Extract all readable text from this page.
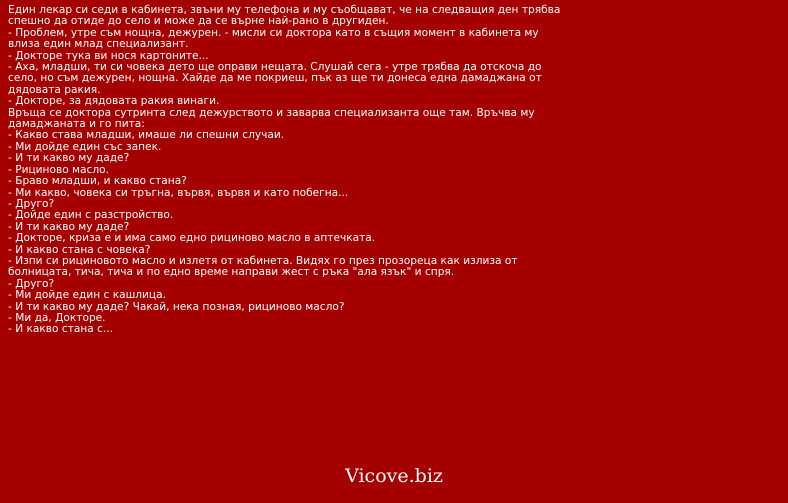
Един лекар си седи в кабинета, звъни му телефона и му съобщават, че на следващия ден трябва спешно да отиде до село и може да се върне най-рано в другиден.

- Проблем, утре съм нощна, дежурен. - мисли си доктора като в същия момент в кабинета му влиза един млад специализант.

- Докторе тука ви нося картоните...

- Аха, младши, ти си човека дето ще оправи нещата. Слушай сега - утре трябва да отскоча до село, но съм дежурен, нощна. Хайде да ме покриеш, пък аз ще ти донеса една дамаджана от дядовата ракия.

- Докторе, за дядовата ракия винаги.

Връща се доктора сутринта след дежурството и заварва специализанта още там. Връчва му дамаджаната и го пита:

- Какво става младши, имаше ли спешни случаи.

- Ми дойде един със запек.

- И ти какво му даде?

- Рициново масло.

- Браво младши, и какво стана?

- Ми какво, човека си тръгна, вървя, вървя и като побегна...

- Друго?

- Дойде един с разстройство.

- И ти какво му даде?

- Докторе, криза е и има само едно рициново масло в аптечката.

- И какво стана с човека?

- Изпи си рициновото масло и излетя от кабинета. Видях го през прозореца как излиза от болницата, тича, тича и по едно време направи жест с ръка "ала язък" и спря.

- Друго?

- Ми дойде един с кашлица.

- И ти какво му даде? Чакай, нека позная, рициново масло?

- Ми да, Докторе.

- И какво стана с...

Vicove.biz
